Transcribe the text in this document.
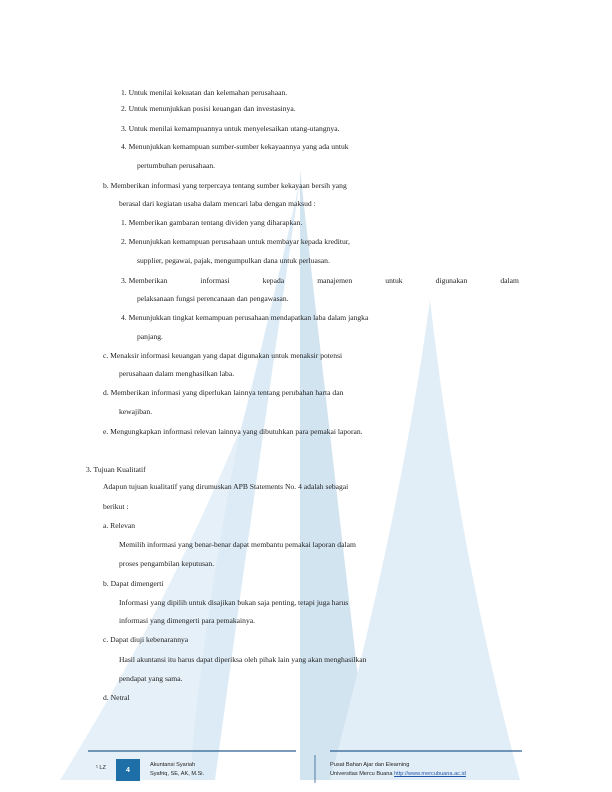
1. Untuk menilai kekuatan dan kelemahan perusahaan.
2. Untuk menunjukkan posisi keuangan dan investasinya.
3. Untuk menilai kemampuannya untuk menyelesaikan utang-utangnya.
4. Menunjukkan kemampuan sumber-sumber kekayaannya yang ada untuk
pertumbuhan perusahaan.
b. Memberikan informasi yang terpercaya tentang sumber kekayaan bersih yang
berasal dari kegiatan usaha dalam mencari laba dengan maksud :
1. Memberikan gambaran tentang dividen yang diharapkan.
2. Menunjukkan kemampuan perusahaan untuk membayar kepada kreditur,
supplier, pegawai, pajak, mengumpulkan dana untuk perluasan.
3. Memberikan	informasi	kepada	manajemen	untuk	digunakan	dalam
pelaksanaan fungsi perencanaan dan pengawasan.
4. Menunjukkan tingkat kemampuan perusahaan mendapatkan laba dalam jangka
panjang.
c. Menaksir informasi keuangan yang dapat digunakan untuk menaksir potensi
perusahaan dalam menghasilkan laba.
d. Memberikan informasi yang diperlukan lainnya tentang perubahan harta dan
kewajiban.
e. Mengungkapkan informasi relevan lainnya yang dibutuhkan para pemakai laporan.
3. Tujuan Kualitatif
Adapun tujuan kualitatif yang dirumuskan APB Statements No. 4 adalah sebagai
berikut :
a. Relevan
Memilih informasi yang benar-benar dapat membantu pemakai laporan dalam
proses pengambilan keputusan.
b. Dapat dimengerti
Informasi yang dipilih untuk disajikan bukan saja penting, tetapi juga harus
informasi yang dimengerti para pemakainya.
c. Dapat diuji kebenarannya
Hasil akuntansi itu harus dapat diperiksa oleh pihak lain yang akan menghasilkan
pendapat yang sama.
d. Netral
¹ LZ	4
Akuntansi Syariah
Syafriq, SE, AK, M.Si.
Pusat Bahan Ajar dan Elearning
Universitas Mercu Buana http://www.mercubuana.ac.id
